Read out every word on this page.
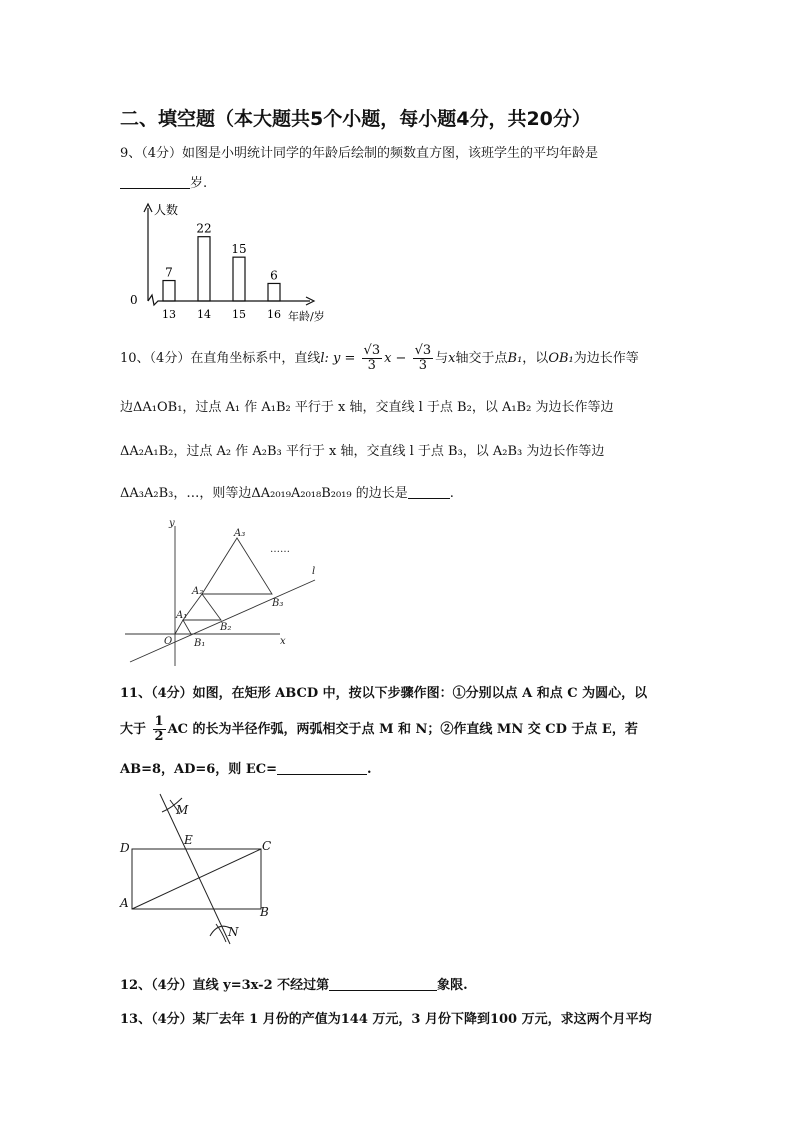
二、填空题（本大题共5个小题，每小题4分，共20分）
9、（4分）如图是小明统计同学的年龄后绘制的频数直方图，该班学生的平均年龄是
岁.
人数
0
年龄/岁
7
13
22
14
15
15
6
16
10、（4分）在直角坐标系中，直线l: $y = \frac{√3}{3}$ $x - \frac{√3}{3}$ 与x轴交于点B₁，以OB₁为边长作等
边ΔA₁OB₁，过点 A₁ 作 A₁B₂ 平行于 x 轴，交直线 l 于点 B₂，以 A₁B₂ 为边长作等边
ΔA₂A₁B₂，过点 A₂ 作 A₂B₃ 平行于 x 轴，交直线 l 于点 B₃，以 A₂B₃ 为边长作等边
ΔA₃A₂B₃，…，则等边ΔA₂₀₁₉A₂₀₁₈B₂₀₁₉ 的边长是	.
y
x
O
l
A₁
A₂
A₃
B₁
B₂
B₃
……
11、（4分）如图，在矩形 ABCD 中，按以下步骤作图：①分别以点 A 和点 C 为圆心，以
大于 $\frac{1}{2}$ AC 的长为半径作弧，两弧相交于点 M 和 N；②作直线 MN 交 CD 于点 E，若
AB=8，AD=6，则 EC=	.
A
B
C
D
E
M
N
12、（4分）直线 y=3x-2 不经过第	象限.
13、（4分）某厂去年 1 月份的产值为144 万元，3 月份下降到100 万元，求这两个月平均
